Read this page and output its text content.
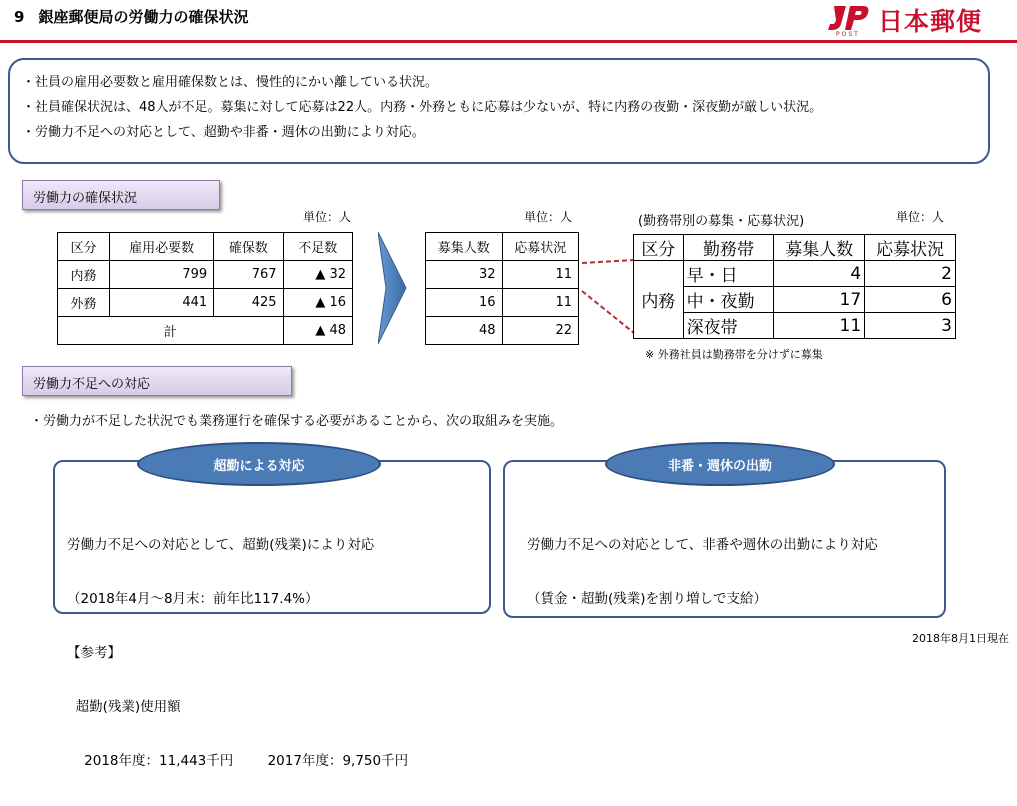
9 銀座郵便局の労働力の確保状況
POST 日本郵便

・社員の雇用必要数と雇用確保数とは、慢性的にかい離している状況。

・社員確保状況は、48人が不足。募集に対して応募は22人。内務・外務ともに応募は少ないが、特に内務の夜勤・深夜勤が厳しい状況。

・労働力不足への対応として、超勤や非番・週休の出勤により対応。

労働力の確保状況
単位：人
区分	雇用必要数	確保数	不足数
内務	799	767	▲ 32
外務	441	425	▲ 16
計			▲ 48
単位：人
募集人数	応募状況
32	11
16	11
48	22
(勤務帯別の募集・応募状況)	単位：人
区分	勤務帯	募集人数	応募状況
内務	早・日	4	2
	中・夜勤	17	6
	深夜帯	11	3
※ 外務社員は勤務帯を分けずに募集
労働力不足への対応
・労働力が不足した状況でも業務運行を確保する必要があることから、次の取組みを実施。

労働力不足への対応として、超勤(残業)により対応

（2018年4月～8月末：前年比117.4%）

【参考】

超勤(残業)使用額

2018年度：11,443千円        2017年度：9,750千円

超勤による対応

労働力不足への対応として、非番や週休の出勤により対応

（賃金・超勤(残業)を割り増しで支給）

非番・週休の出勤
2018年8月1日現在
